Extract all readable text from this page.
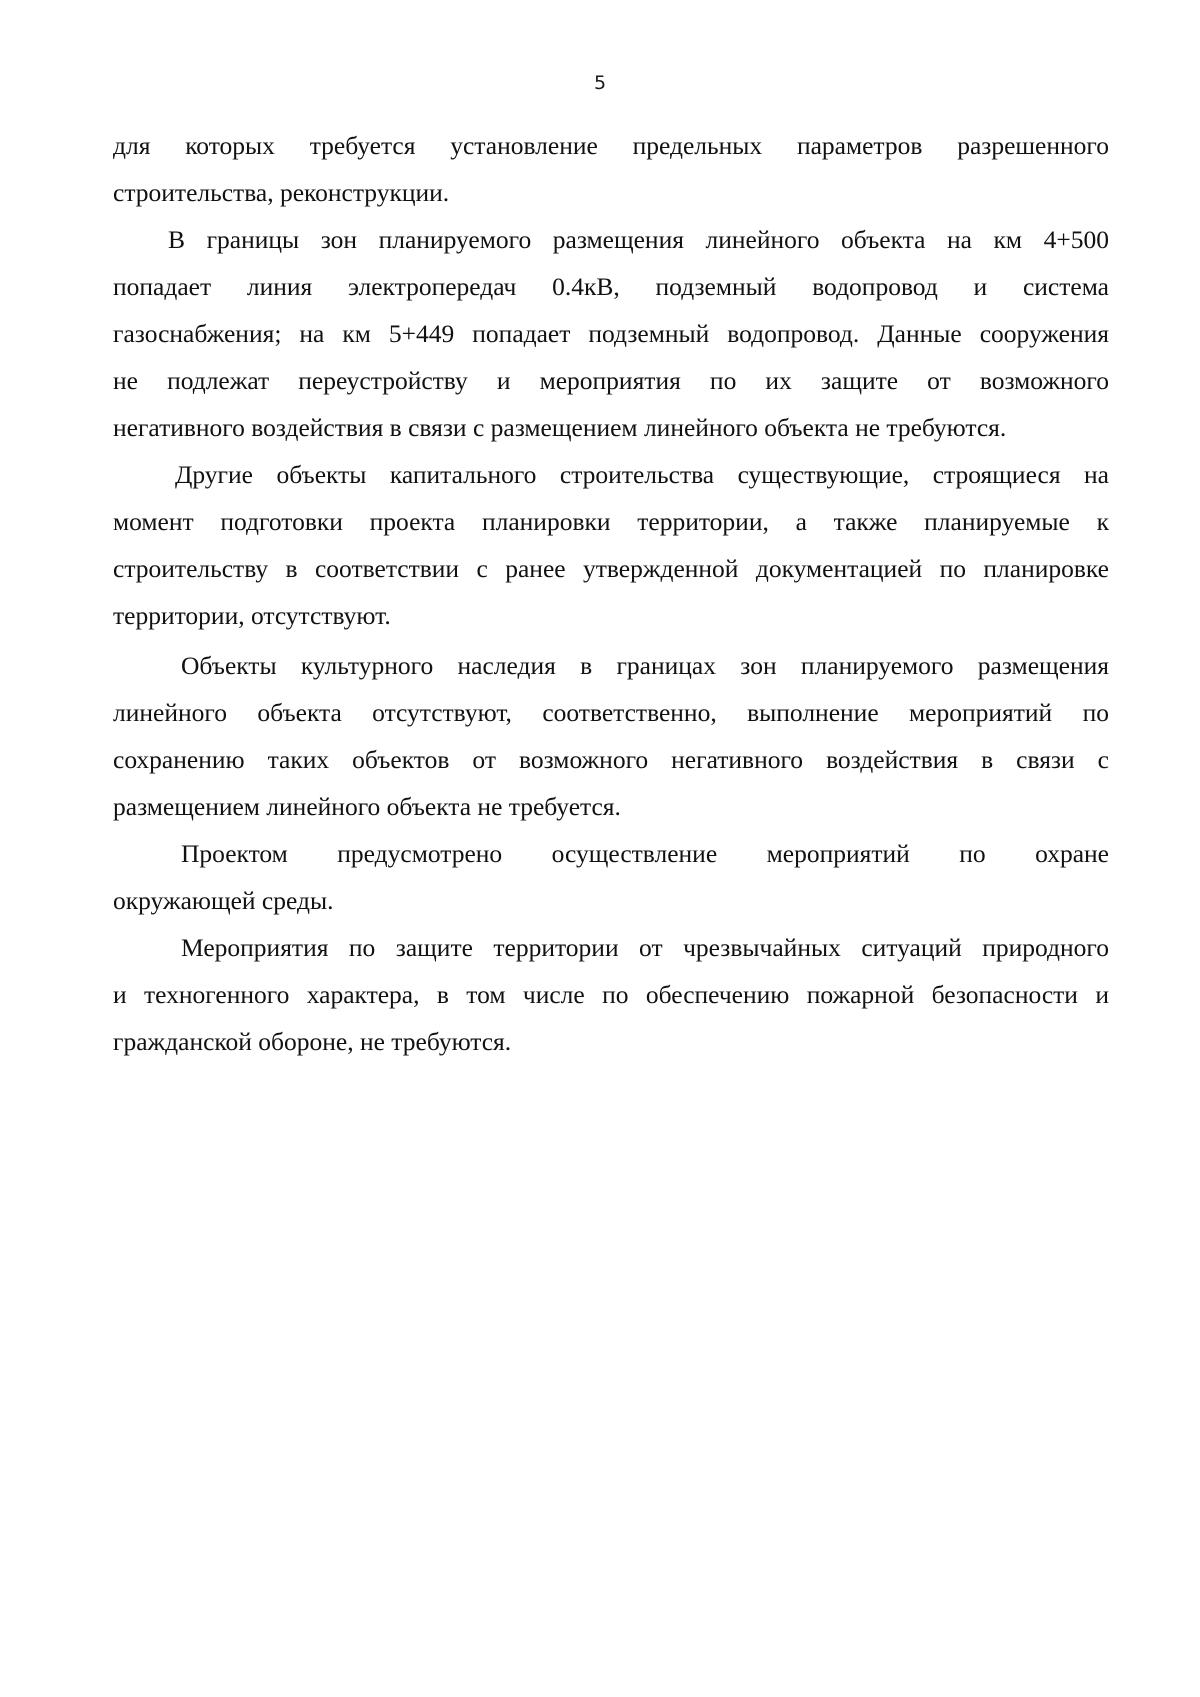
5
для которых требуется установление предельных параметров разрешенного
строительства, реконструкции.
В границы зон планируемого размещения линейного объекта на км 4+500
попадает линия электропередач 0.4кВ, подземный водопровод и система
газоснабжения; на км 5+449 попадает подземный водопровод. Данные сооружения
не подлежат переустройству и мероприятия по их защите от возможного
негативного воздействия в связи с размещением линейного объекта не требуются.
Другие объекты капитального строительства существующие, строящиеся на
момент подготовки проекта планировки территории, а также планируемые к
строительству в соответствии с ранее утвержденной документацией по планировке
территории, отсутствуют.
Объекты культурного наследия в границах зон планируемого размещения
линейного объекта отсутствуют, соответственно, выполнение мероприятий по
сохранению таких объектов от возможного негативного воздействия в связи с
размещением линейного объекта не требуется.
Проектом предусмотрено осуществление мероприятий по охране
окружающей среды.
Мероприятия по защите территории от чрезвычайных ситуаций природного
и техногенного характера, в том числе по обеспечению пожарной безопасности и
гражданской обороне, не требуются.
